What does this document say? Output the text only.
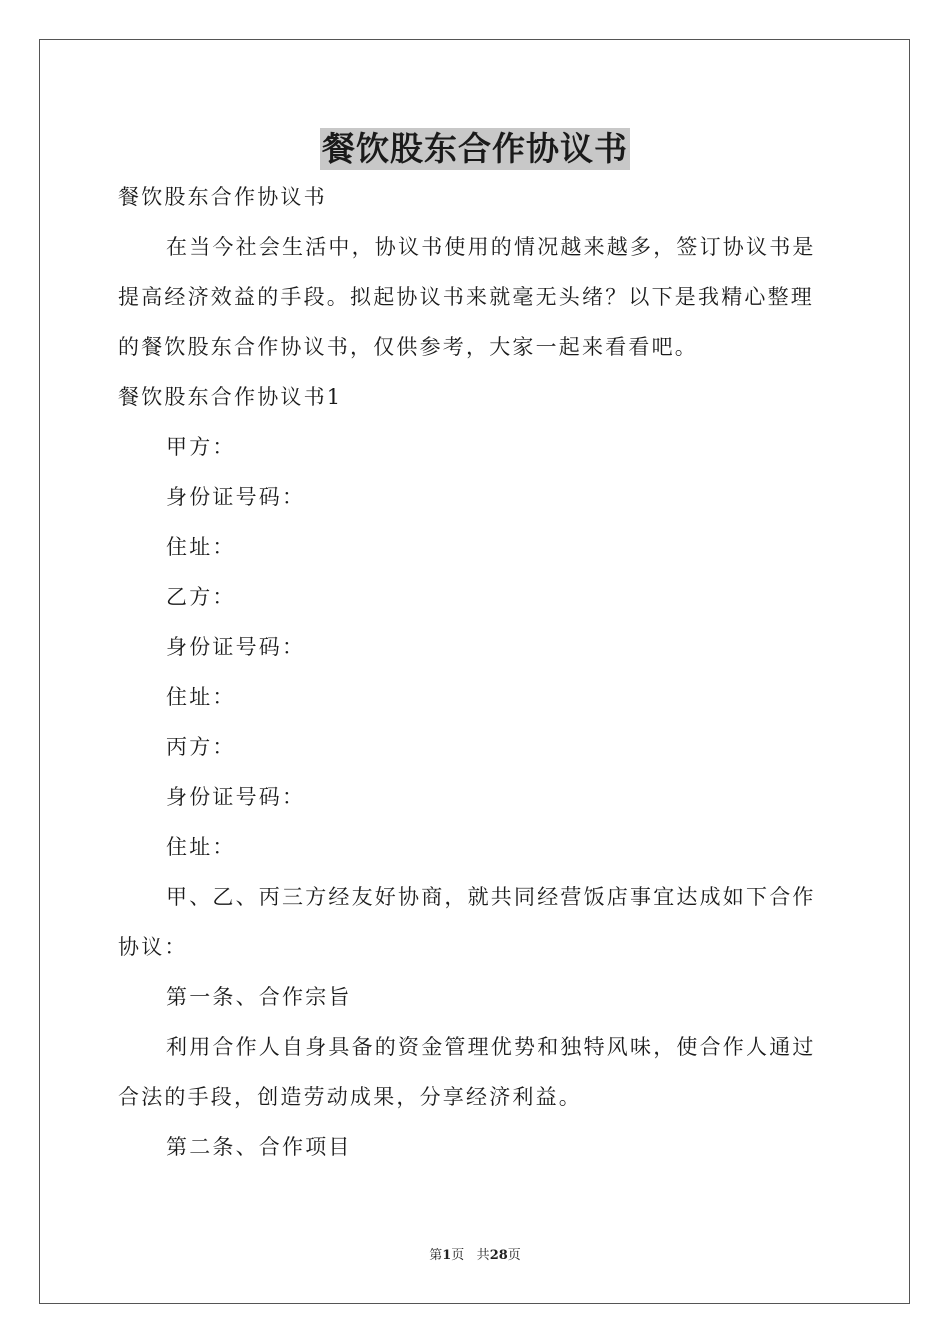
餐饮股东合作协议书

餐饮股东合作协议书

在当今社会生活中，协议书使用的情况越来越多，签订协议书是提高经济效益的手段。拟起协议书来就毫无头绪？以下是我精心整理的餐饮股东合作协议书，仅供参考，大家一起来看看吧。

餐饮股东合作协议书1

甲方：

身份证号码：

住址：

乙方：

身份证号码：

住址：

丙方：

身份证号码：

住址：

甲、乙、丙三方经友好协商，就共同经营饭店事宜达成如下合作协议：

第一条、合作宗旨

利用合作人自身具备的资金管理优势和独特风味，使合作人通过合法的手段，创造劳动成果，分享经济利益。

第二条、合作项目

第1页 共28页
